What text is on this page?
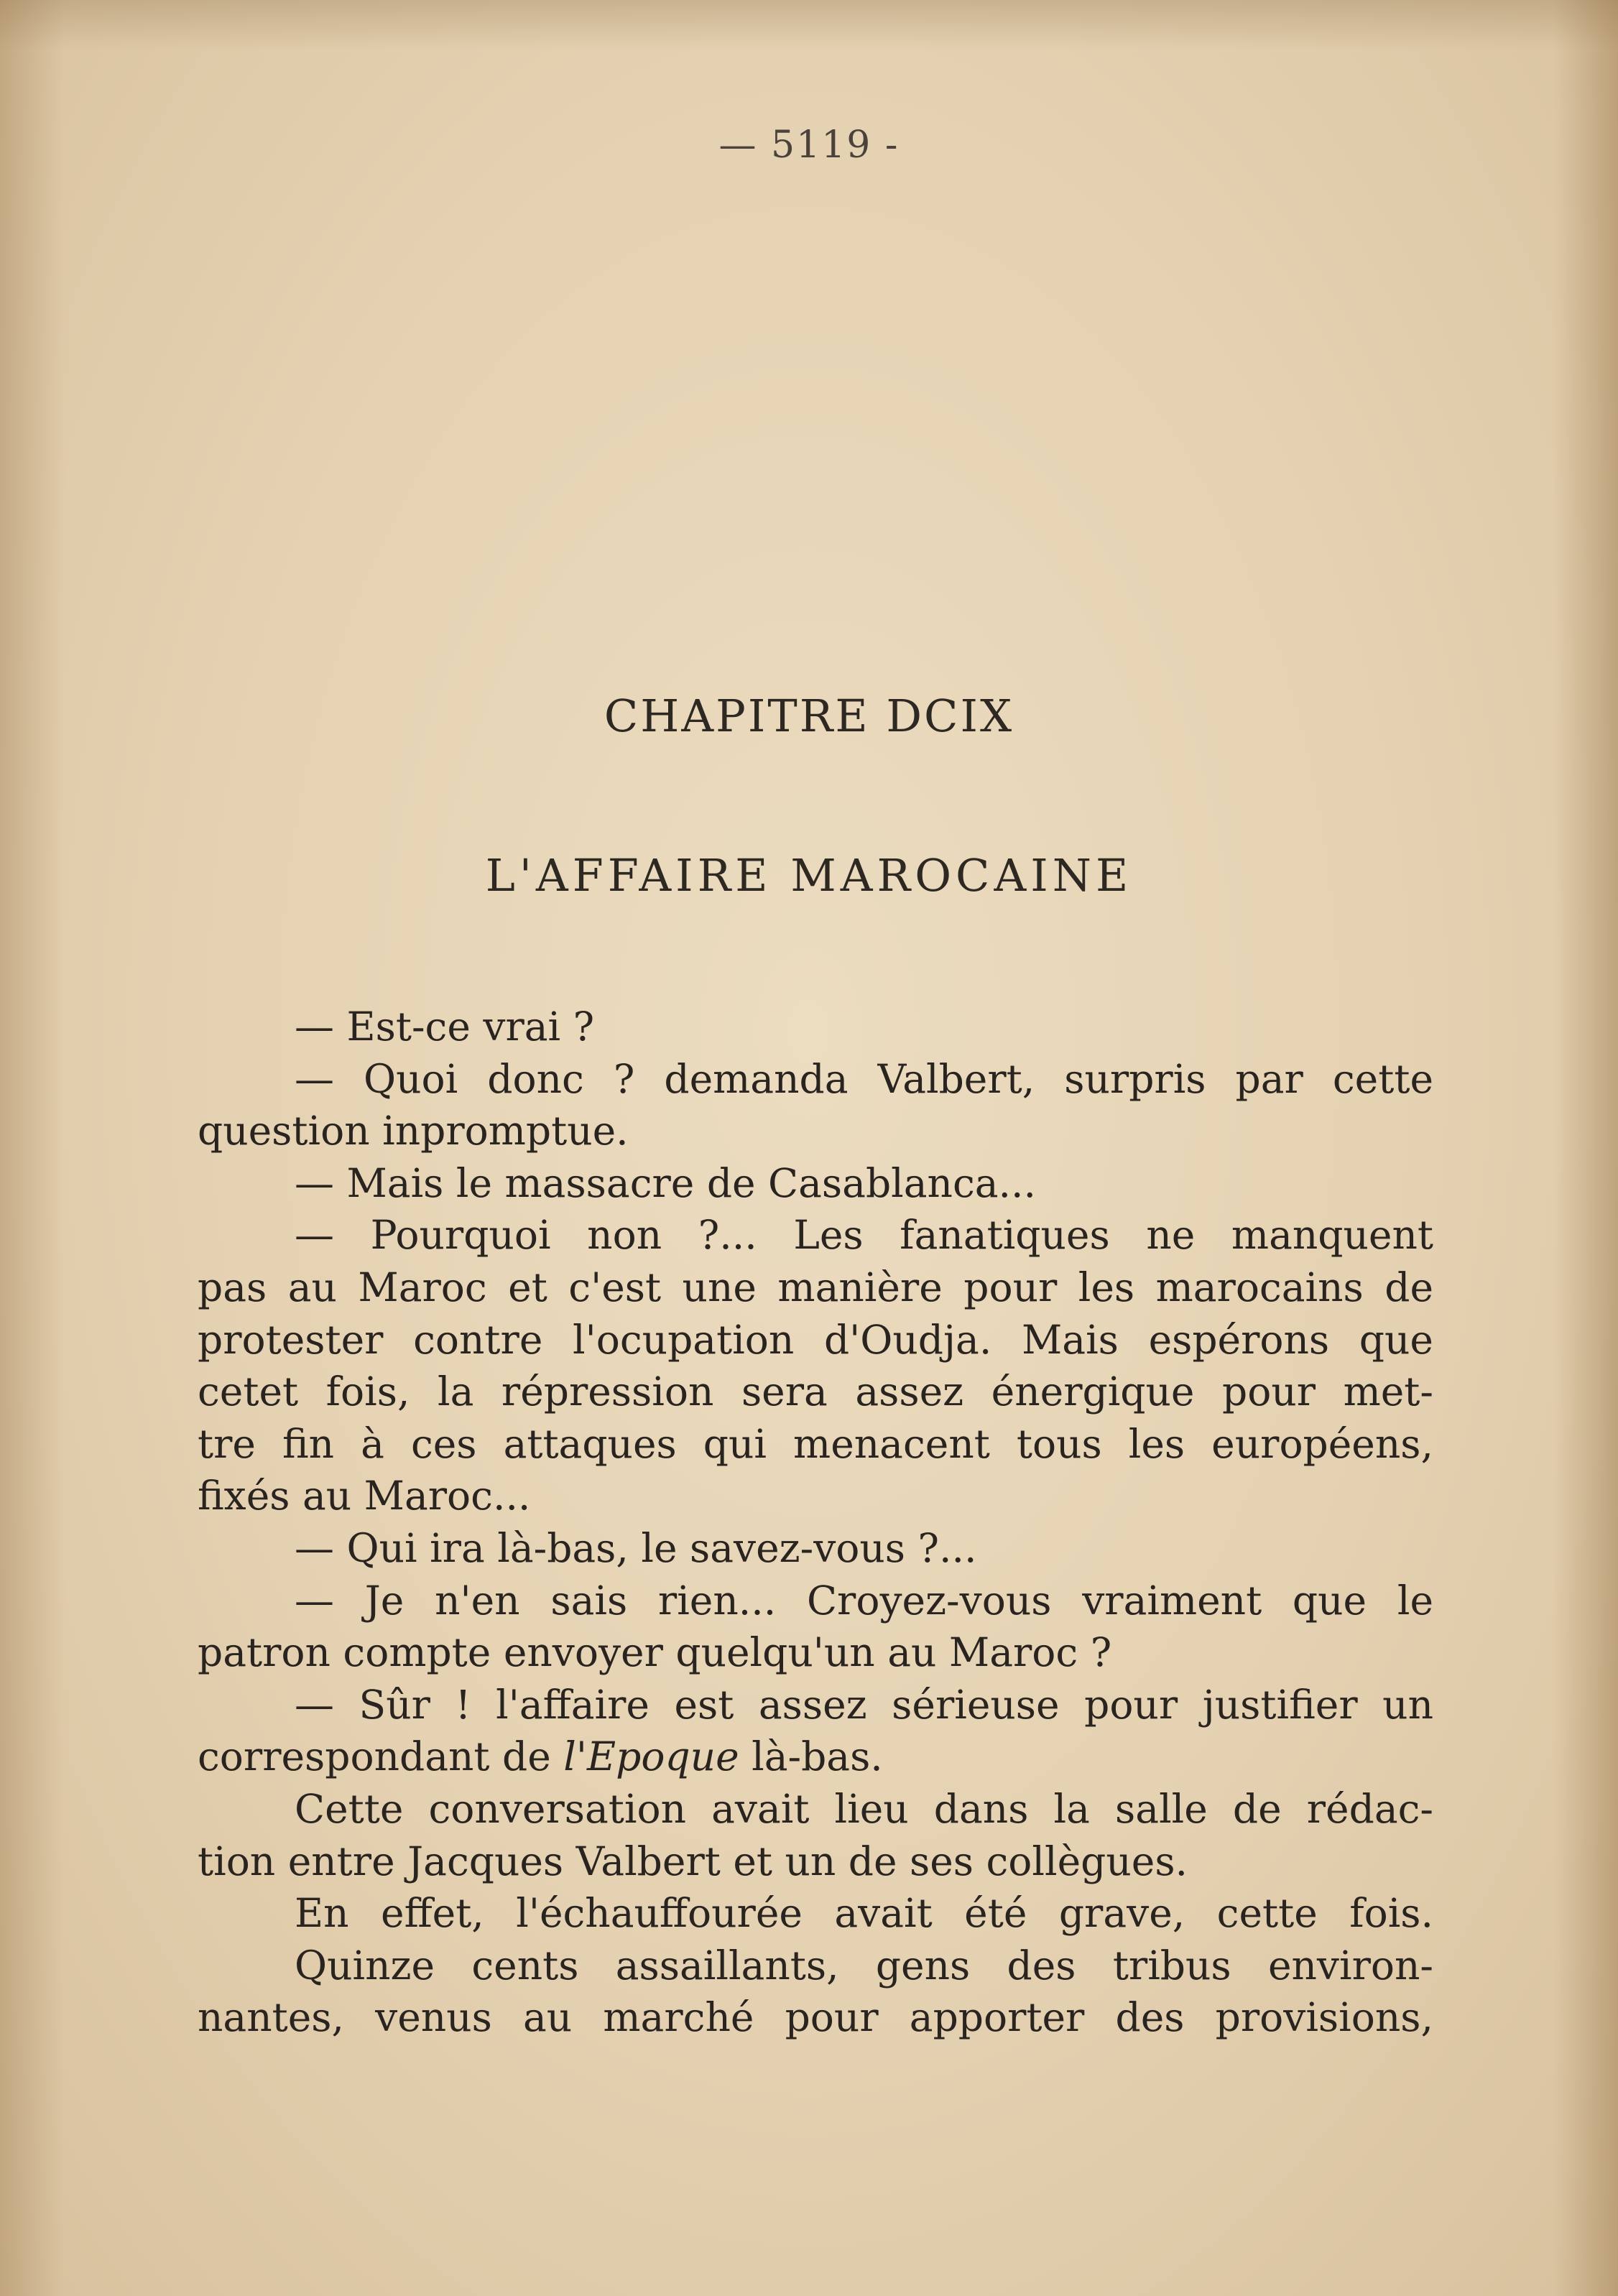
— 5119 -
CHAPITRE DCIX
L'AFFAIRE MAROCAINE
— Est-ce vrai ?
— Quoi donc ? demanda Valbert, surpris par cette
question inpromptue.
— Mais le massacre de Casablanca...
— Pourquoi non ?... Les fanatiques ne manquent
pas au Maroc et c'est une manière pour les marocains de
protester contre l'ocupation d'Oudja. Mais espérons que
cetet fois, la répression sera assez énergique pour met-
tre fin à ces attaques qui menacent tous les européens,
fixés au Maroc...
— Qui ira là-bas, le savez-vous ?...
— Je n'en sais rien... Croyez-vous vraiment que le
patron compte envoyer quelqu'un au Maroc ?
— Sûr ! l'affaire est assez sérieuse pour justifier un
correspondant de l'Epoque là-bas.
Cette conversation avait lieu dans la salle de rédac-
tion entre Jacques Valbert et un de ses collègues.
En effet, l'échauffourée avait été grave, cette fois.
Quinze cents assaillants, gens des tribus environ-
nantes, venus au marché pour apporter des provisions,
